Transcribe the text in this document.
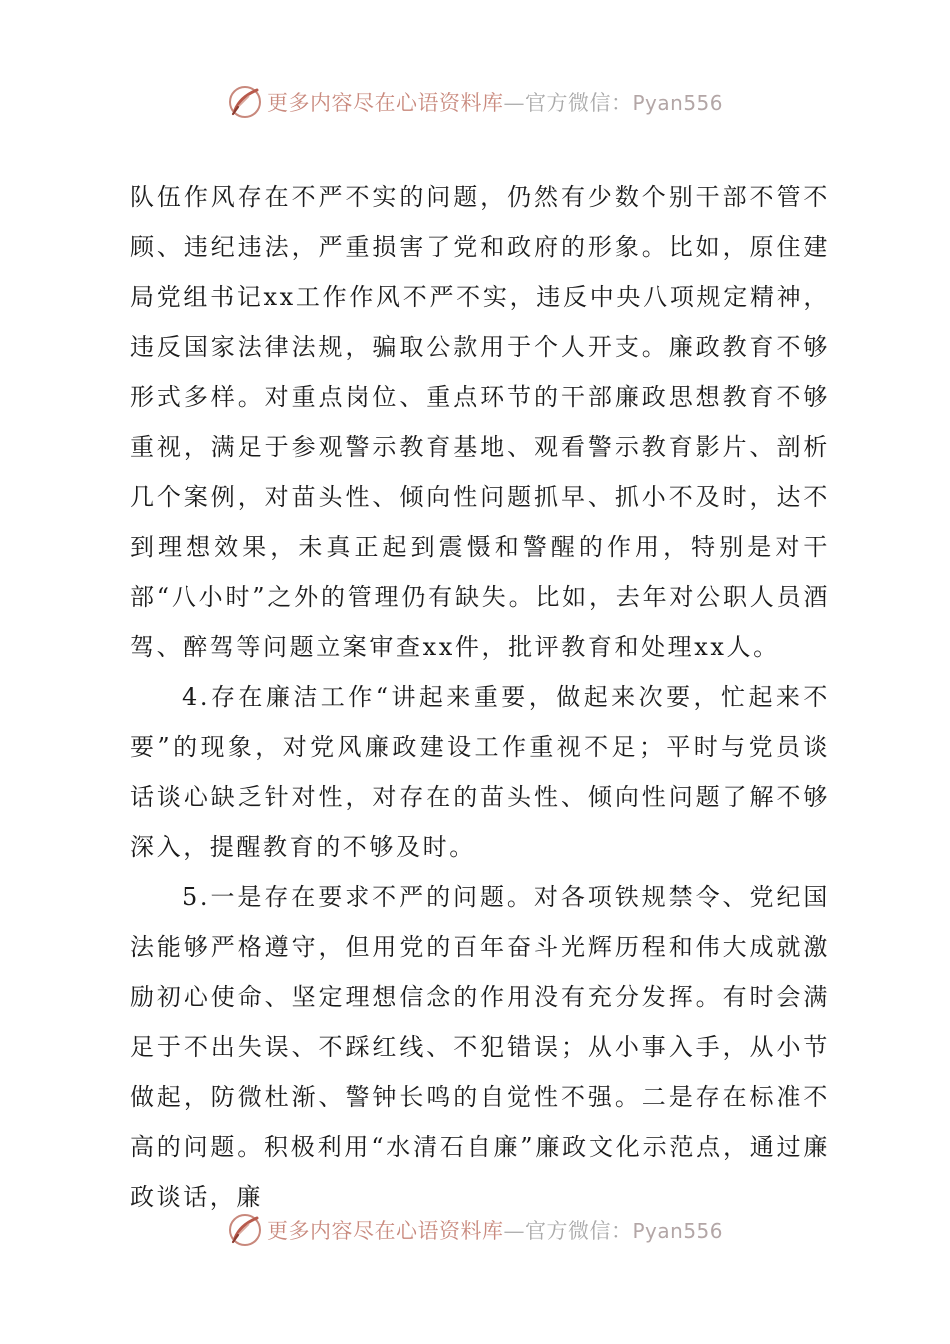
更多内容尽在心语资料库—官方微信：Pyan556

队伍作风存在不严不实的问题，仍然有少数个别干部不管不顾、违纪违法，严重损害了党和政府的形象。比如，原住建局党组书记xx工作作风不严不实，违反中央八项规定精神，违反国家法律法规，骗取公款用于个人开支。廉政教育不够形式多样。对重点岗位、重点环节的干部廉政思想教育不够重视，满足于参观警示教育基地、观看警示教育影片、剖析几个案例，对苗头性、倾向性问题抓早、抓小不及时，达不到理想效果，未真正起到震慑和警醒的作用，特别是对干部“八小时”之外的管理仍有缺失。比如，去年对公职人员酒驾、醉驾等问题立案审查xx件，批评教育和处理xx人。

4.存在廉洁工作“讲起来重要，做起来次要，忙起来不要”的现象，对党风廉政建设工作重视不足；平时与党员谈话谈心缺乏针对性，对存在的苗头性、倾向性问题了解不够深入，提醒教育的不够及时。

5.一是存在要求不严的问题。对各项铁规禁令、党纪国法能够严格遵守，但用党的百年奋斗光辉历程和伟大成就激励初心使命、坚定理想信念的作用没有充分发挥。有时会满足于不出失误、不踩红线、不犯错误；从小事入手，从小节做起，防微杜渐、警钟长鸣的自觉性不强。二是存在标准不高的问题。积极利用“水清石自廉”廉政文化示范点，通过廉政谈话，廉

更多内容尽在心语资料库—官方微信：Pyan556
